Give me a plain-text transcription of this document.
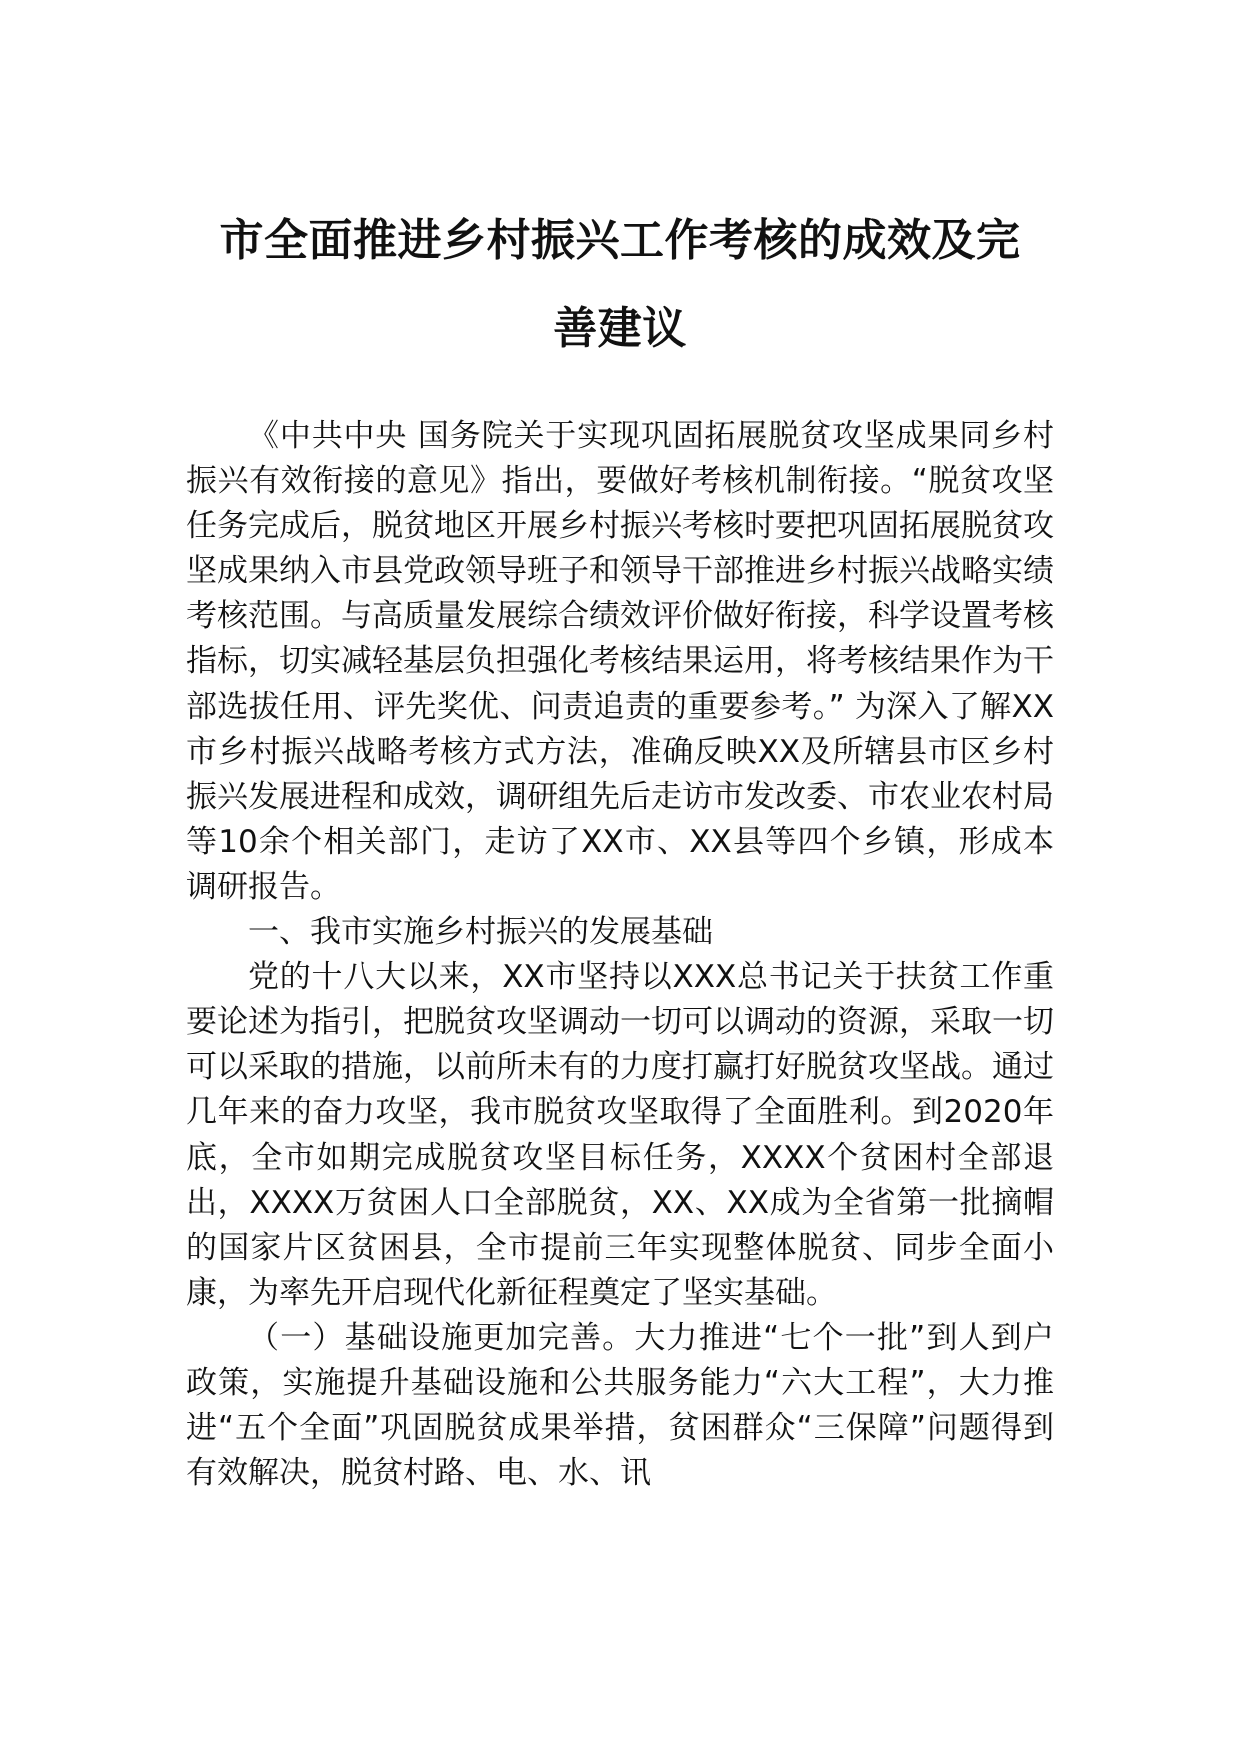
市全面推进乡村振兴工作考核的成效及完
善建议

《中共中央 国务院关于实现巩固拓展脱贫攻坚成果同乡村振兴有效衔接的意见》指出，要做好考核机制衔接。“脱贫攻坚任务完成后，脱贫地区开展乡村振兴考核时要把巩固拓展脱贫攻坚成果纳入市县党政领导班子和领导干部推进乡村振兴战略实绩考核范围。与高质量发展综合绩效评价做好衔接，科学设置考核指标，切实减轻基层负担强化考核结果运用，将考核结果作为干部选拔任用、评先奖优、问责追责的重要参考。” 为深入了解XX市乡村振兴战略考核方式方法，准确反映XX及所辖县市区乡村振兴发展进程和成效，调研组先后走访市发改委、市农业农村局等10余个相关部门，走访了XX市、XX县等四个乡镇，形成本调研报告。

一、我市实施乡村振兴的发展基础

党的十八大以来，XX市坚持以XXX总书记关于扶贫工作重要论述为指引，把脱贫攻坚调动一切可以调动的资源，采取一切可以采取的措施，以前所未有的力度打赢打好脱贫攻坚战。通过几年来的奋力攻坚，我市脱贫攻坚取得了全面胜利。到2020年底，全市如期完成脱贫攻坚目标任务，XXXX个贫困村全部退出，XXXX万贫困人口全部脱贫，XX、XX成为全省第一批摘帽的国家片区贫困县，全市提前三年实现整体脱贫、同步全面小康，为率先开启现代化新征程奠定了坚实基础。

（一）基础设施更加完善。大力推进“七个一批”到人到户政策，实施提升基础设施和公共服务能力“六大工程”，大力推进“五个全面”巩固脱贫成果举措，贫困群众“三保障”问题得到有效解决，脱贫村路、电、水、讯
